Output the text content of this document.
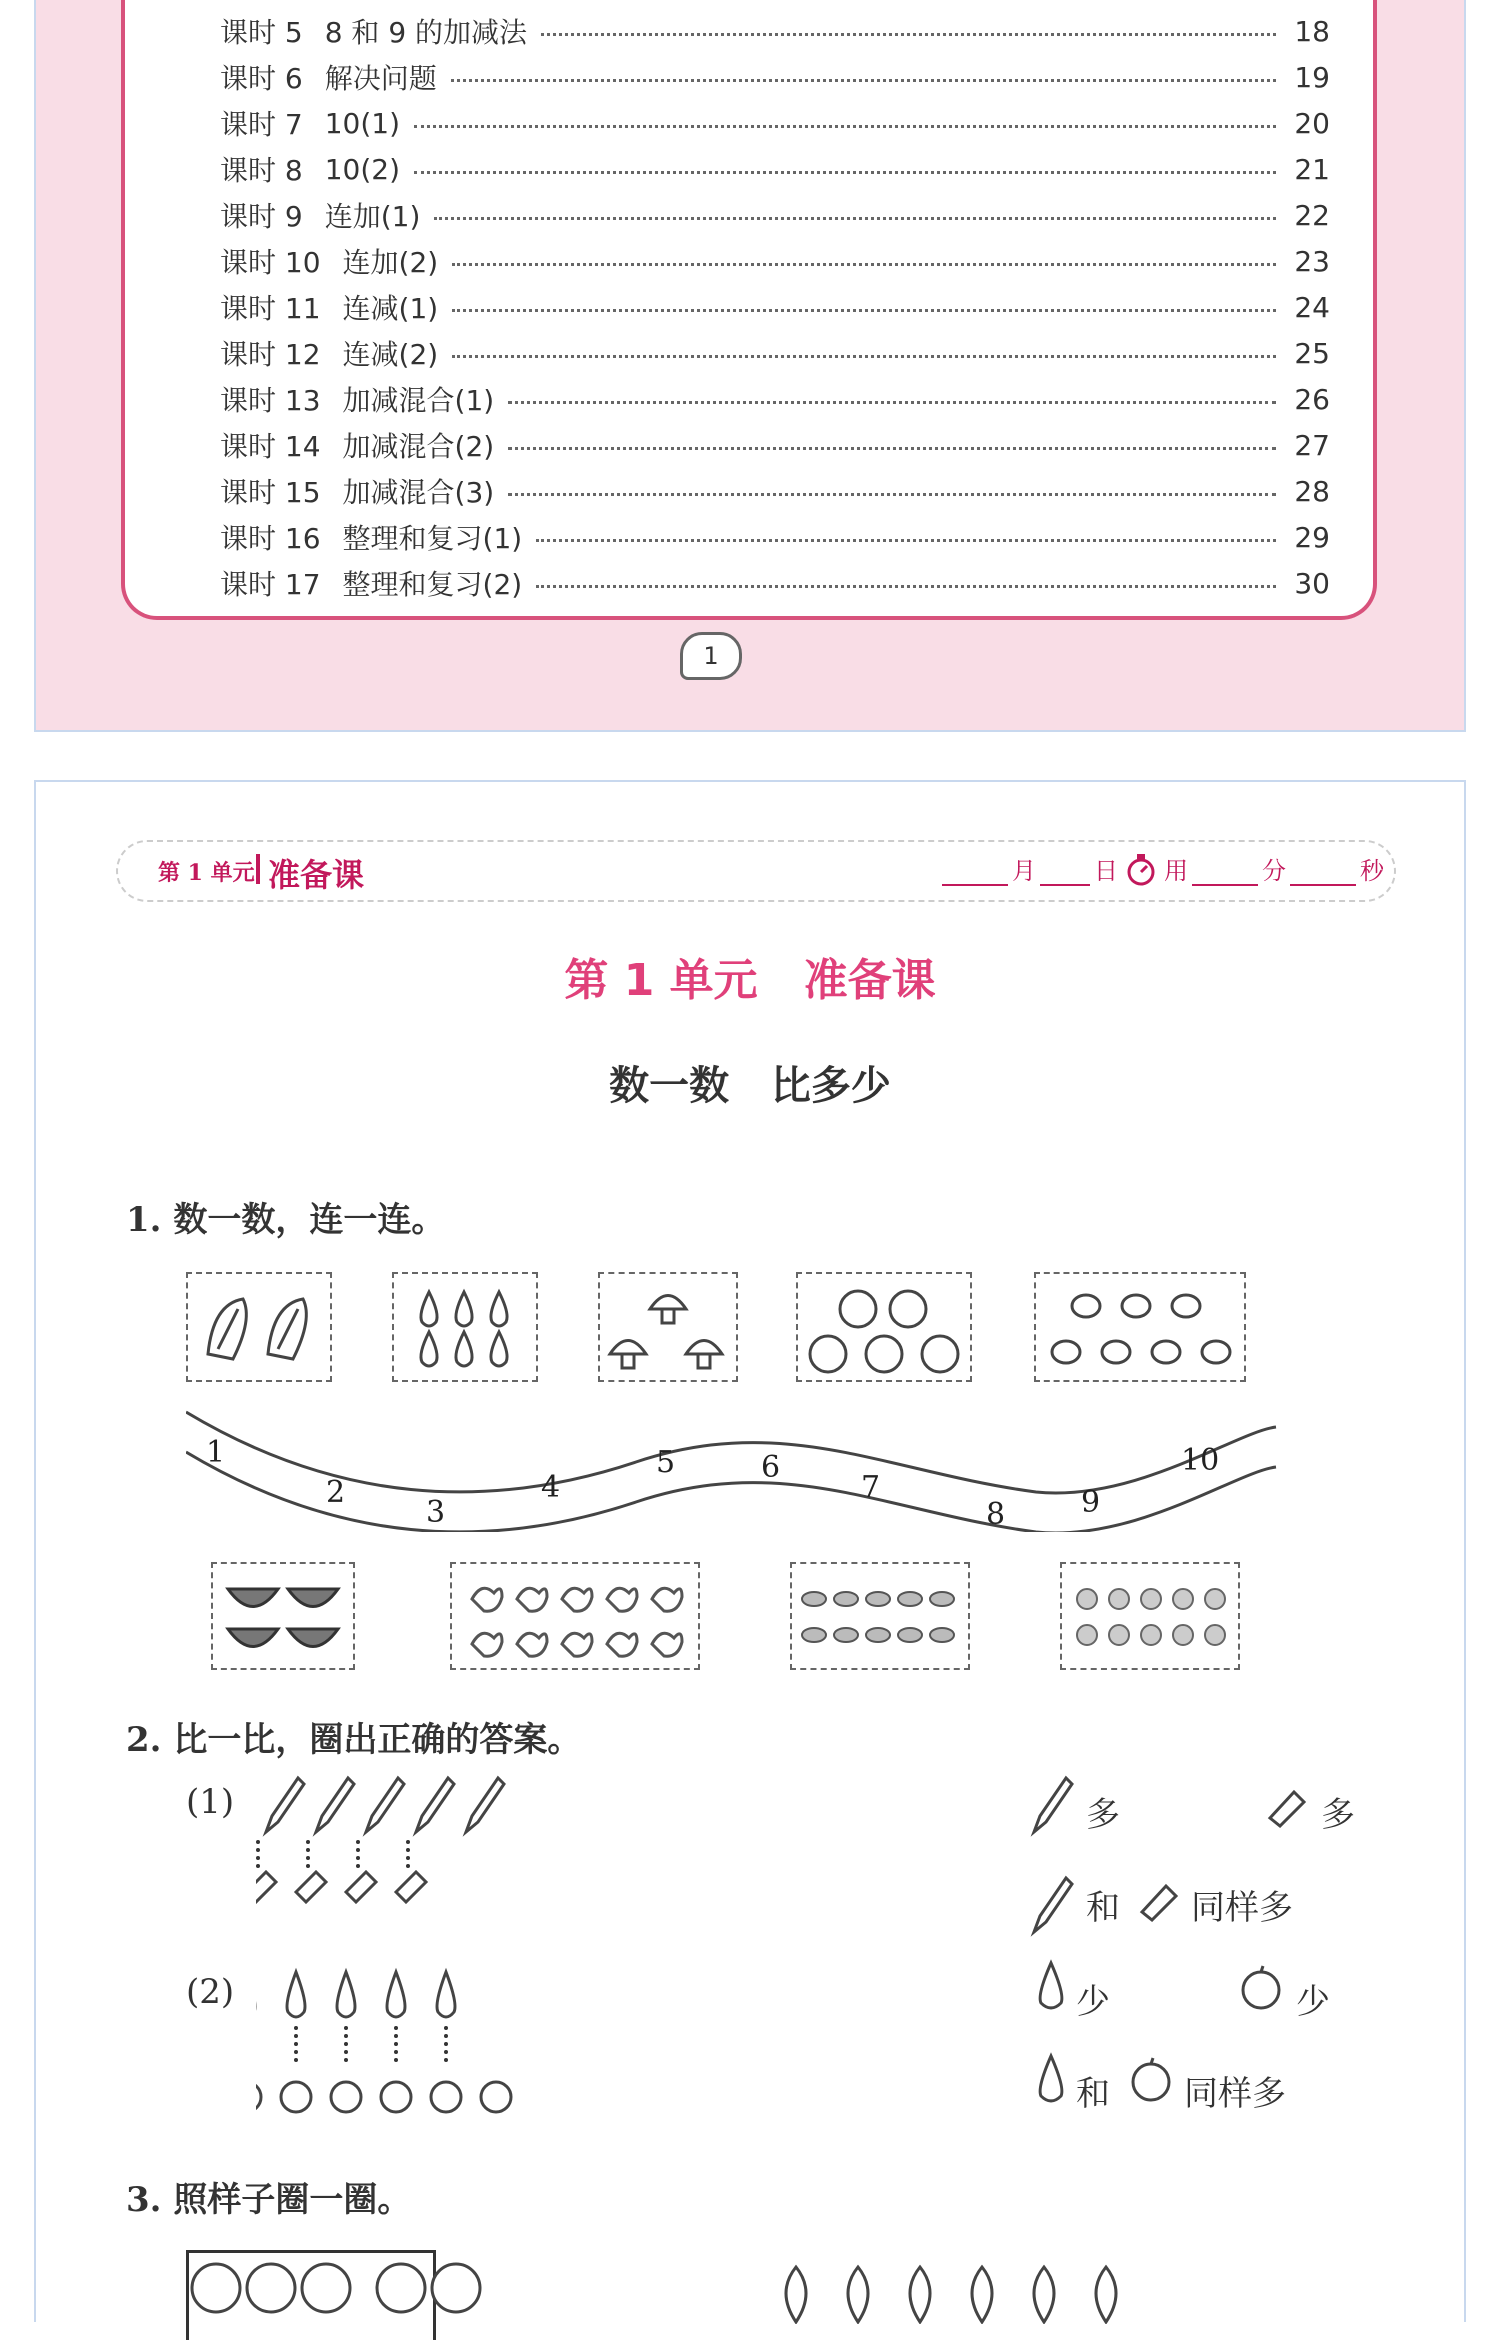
课时 5 8 和 9 的加减法	18
课时 6 解决问题	19
课时 7 10(1)	20
课时 8 10(2)	21
课时 9 连加(1)	22
课时 10 连加(2)	23
课时 11 连减(1)	24
课时 12 连减(2)	25
课时 13 加减混合(1)	26
课时 14 加减混合(2)	27
课时 15 加减混合(3)	28
课时 16 整理和复习(1)	29
课时 17 整理和复习(2)	30
1
第 1 单元 准备课	月 日 用	分	秒
第 1 单元   准备课
数一数   比多少
1. 数一数，连一连。
1
2
3
4
5	6
7
8	9
10
2. 比一比，圈出正确的答案。
(1)
(2)
多	多
和 同样多
少	少
和 同样多
3. 照样子圈一圈。
